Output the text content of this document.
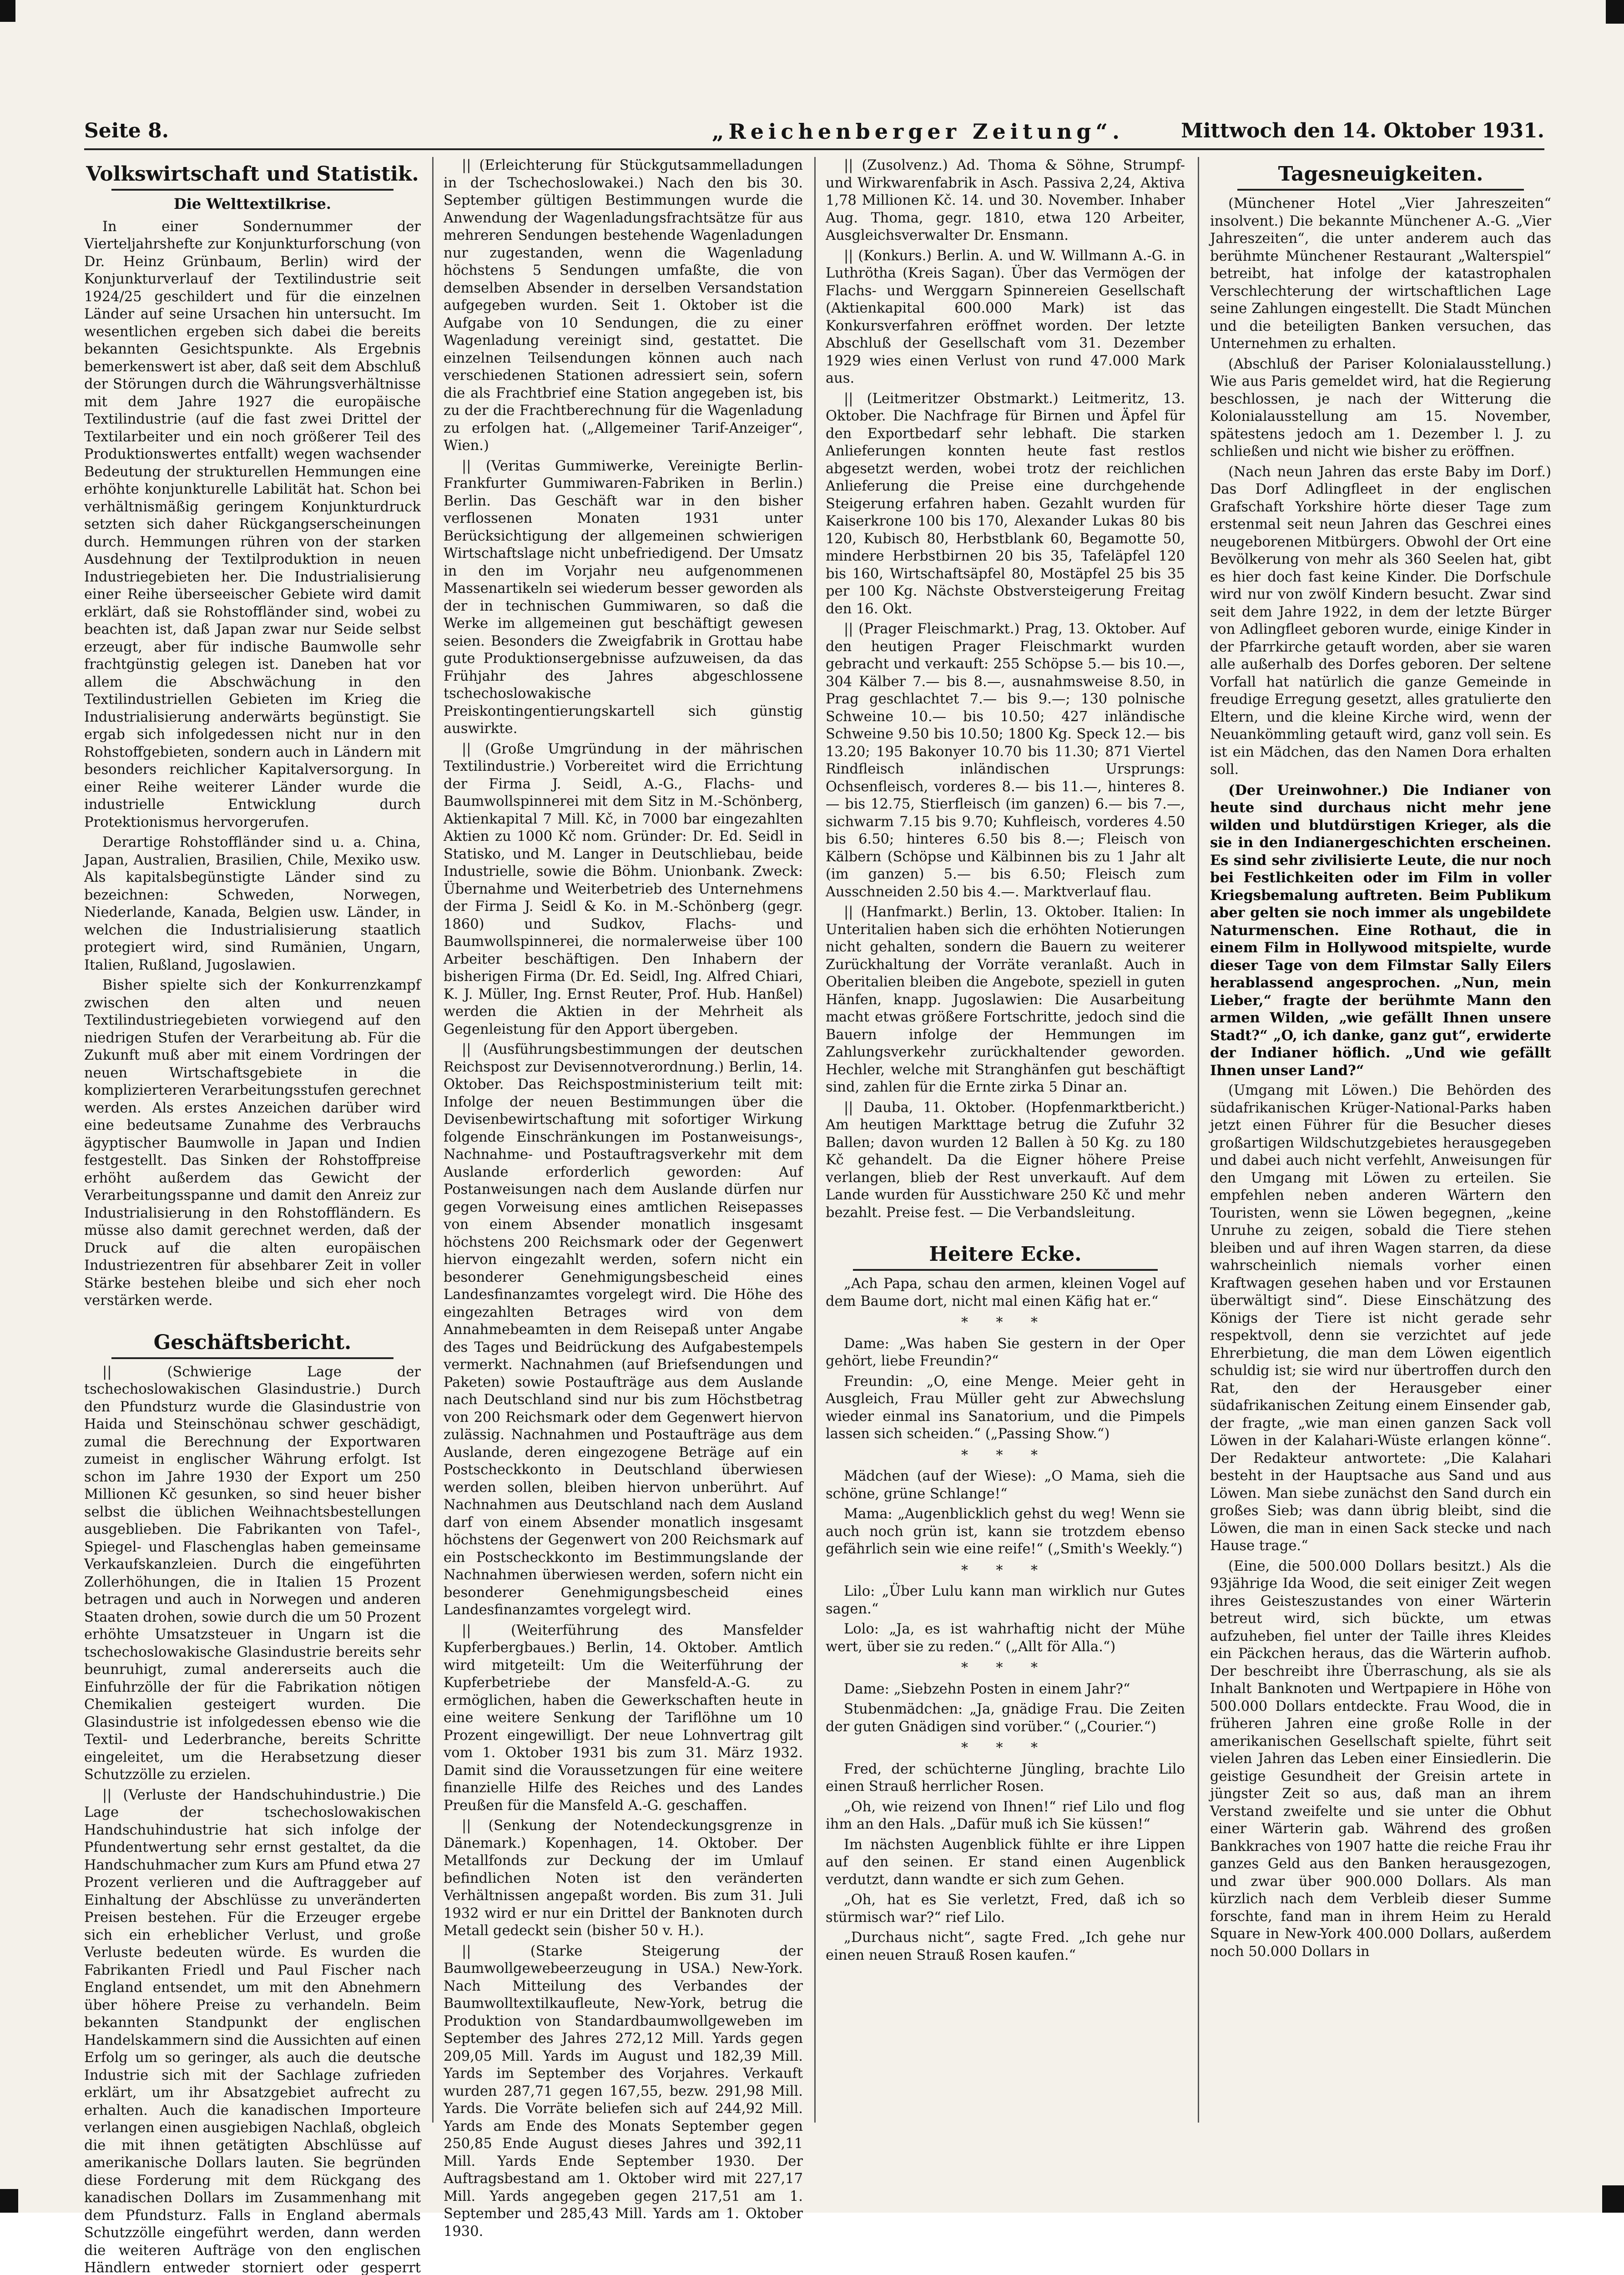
Seite 8.	„Reichenberger Zeitung“.	Mittwoch den 14. Oktober 1931.
Volkswirtschaft und Statistik.
Die Welttextilkrise.

In einer Sondernummer der Vierteljahrshefte zur Konjunkturforschung (von Dr. Heinz Grünbaum, Berlin) wird der Konjunkturverlauf der Textilindustrie seit 1924/25 geschildert und für die einzelnen Länder auf seine Ursachen hin untersucht. Im wesentlichen ergeben sich dabei die bereits bekannten Gesichtspunkte. Als Ergebnis bemerkenswert ist aber, daß seit dem Abschluß der Störungen durch die Währungsverhältnisse mit dem Jahre 1927 die europäische Textilindustrie (auf die fast zwei Drittel der Textilarbeiter und ein noch größerer Teil des Produktionswertes entfallt) wegen wachsender Bedeutung der strukturellen Hemmungen eine erhöhte konjunkturelle Labilität hat. Schon bei verhältnismäßig geringem Konjunkturdruck setzten sich daher Rückgangserscheinungen durch. Hemmungen rühren von der starken Ausdehnung der Textilproduktion in neuen Industriegebieten her. Die Industrialisierung einer Reihe überseeischer Gebiete wird damit erklärt, daß sie Rohstoffländer sind, wobei zu beachten ist, daß Japan zwar nur Seide selbst erzeugt, aber für indische Baumwolle sehr frachtgünstig gelegen ist. Daneben hat vor allem die Abschwächung in den Textilindustriellen Gebieten im Krieg die Industrialisierung anderwärts begünstigt. Sie ergab sich infolgedessen nicht nur in den Rohstoffgebieten, sondern auch in Ländern mit besonders reichlicher Kapitalversorgung. In einer Reihe weiterer Länder wurde die industrielle Entwicklung durch Protektionismus hervorgerufen.

Derartige Rohstoffländer sind u. a. China, Japan, Australien, Brasilien, Chile, Mexiko usw. Als kapitalsbegünstigte Länder sind zu bezeichnen: Schweden, Norwegen, Niederlande, Kanada, Belgien usw. Länder, in welchen die Industrialisierung staatlich protegiert wird, sind Rumänien, Ungarn, Italien, Rußland, Jugoslawien.

Bisher spielte sich der Konkurrenzkampf zwischen den alten und neuen Textilindustriegebieten vorwiegend auf den niedrigen Stufen der Verarbeitung ab. Für die Zukunft muß aber mit einem Vordringen der neuen Wirtschaftsgebiete in die komplizierteren Verarbeitungsstufen gerechnet werden. Als erstes Anzeichen darüber wird eine bedeutsame Zunahme des Verbrauchs ägyptischer Baumwolle in Japan und Indien festgestellt. Das Sinken der Rohstoffpreise erhöht außerdem das Gewicht der Verarbeitungsspanne und damit den Anreiz zur Industrialisierung in den Rohstoffländern. Es müsse also damit gerechnet werden, daß der Druck auf die alten europäischen Industriezentren für absehbarer Zeit in voller Stärke bestehen bleibe und sich eher noch verstärken werde.

Geschäftsbericht.

|| (Schwierige Lage der tschechoslowakischen Glasindustrie.) Durch den Pfundsturz wurde die Glasindustrie von Haida und Steinschönau schwer geschädigt, zumal die Berechnung der Exportwaren zumeist in englischer Währung erfolgt. Ist schon im Jahre 1930 der Export um 250 Millionen Kč gesunken, so sind heuer bisher selbst die üblichen Weihnachtsbestellungen ausgeblieben. Die Fabrikanten von Tafel-, Spiegel- und Flaschenglas haben gemeinsame Verkaufskanzleien. Durch die eingeführten Zollerhöhungen, die in Italien 15 Prozent betragen und auch in Norwegen und anderen Staaten drohen, sowie durch die um 50 Prozent erhöhte Umsatzsteuer in Ungarn ist die tschechoslowakische Glasindustrie bereits sehr beunruhigt, zumal andererseits auch die Einfuhrzölle der für die Fabrikation nötigen Chemikalien gesteigert wurden. Die Glasindustrie ist infolgedessen ebenso wie die Textil- und Lederbranche, bereits Schritte eingeleitet, um die Herabsetzung dieser Schutzzölle zu erzielen.

|| (Verluste der Handschuhindustrie.) Die Lage der tschechoslowakischen Handschuhindustrie hat sich infolge der Pfundentwertung sehr ernst gestaltet, da die Handschuhmacher zum Kurs am Pfund etwa 27 Prozent verlieren und die Auftraggeber auf Einhaltung der Abschlüsse zu unveränderten Preisen bestehen. Für die Erzeuger ergebe sich ein erheblicher Verlust, und große Verluste bedeuten würde. Es wurden die Fabrikanten Friedl und Paul Fischer nach England entsendet, um mit den Abnehmern über höhere Preise zu verhandeln. Beim bekannten Standpunkt der englischen Handelskammern sind die Aussichten auf einen Erfolg um so geringer, als auch die deutsche Industrie sich mit der Sachlage zufrieden erklärt, um ihr Absatzgebiet aufrecht zu erhalten. Auch die kanadischen Importeure verlangen einen ausgiebigen Nachlaß, obgleich die mit ihnen getätigten Abschlüsse auf amerikanische Dollars lauten. Sie begründen diese Forderung mit dem Rückgang des kanadischen Dollars im Zusammenhang mit dem Pfundsturz. Falls in England abermals Schutzzölle eingeführt werden, dann werden die weiteren Aufträge von den englischen Händlern entweder storniert oder gesperrt

|| (Erleichterung für Stückgutsammelladungen in der Tschechoslowakei.) Nach den bis 30. September gültigen Bestimmungen wurde die Anwendung der Wagenladungsfrachtsätze für aus mehreren Sendungen bestehende Wagenladungen nur zugestanden, wenn die Wagenladung höchstens 5 Sendungen umfaßte, die von demselben Absender in derselben Versandstation aufgegeben wurden. Seit 1. Oktober ist die Aufgabe von 10 Sendungen, die zu einer Wagenladung vereinigt sind, gestattet. Die einzelnen Teilsendungen können auch nach verschiedenen Stationen adressiert sein, sofern die als Frachtbrief eine Station angegeben ist, bis zu der die Frachtberechnung für die Wagenladung zu erfolgen hat. („Allgemeiner Tarif-Anzeiger“, Wien.)

|| (Veritas Gummiwerke, Vereinigte Berlin-Frankfurter Gummiwaren-Fabriken in Berlin.) Berlin. Das Geschäft war in den bisher verflossenen Monaten 1931 unter Berücksichtigung der allgemeinen schwierigen Wirtschaftslage nicht unbefriedigend. Der Umsatz in den im Vorjahr neu aufgenommenen Massenartikeln sei wiederum besser geworden als der in technischen Gummiwaren, so daß die Werke im allgemeinen gut beschäftigt gewesen seien. Besonders die Zweigfabrik in Grottau habe gute Produktionsergebnisse aufzuweisen, da das Frühjahr des Jahres abgeschlossene tschechoslowakische Preiskontingentierungskartell sich günstig auswirkte.

|| (Große Umgründung in der mährischen Textilindustrie.) Vorbereitet wird die Errichtung der Firma J. Seidl, A.-G., Flachs- und Baumwollspinnerei mit dem Sitz in M.-Schönberg, Aktienkapital 7 Mill. Kč, in 7000 bar eingezahlten Aktien zu 1000 Kč nom. Gründer: Dr. Ed. Seidl in Statisko, und M. Langer in Deutschliebau, beide Industrielle, sowie die Böhm. Unionbank. Zweck: Übernahme und Weiterbetrieb des Unternehmens der Firma J. Seidl & Ko. in M.-Schönberg (gegr. 1860) und Sudkov, Flachs- und Baumwollspinnerei, die normalerweise über 100 Arbeiter beschäftigen. Den Inhabern der bisherigen Firma (Dr. Ed. Seidl, Ing. Alfred Chiari, K. J. Müller, Ing. Ernst Reuter, Prof. Hub. Hanßel) werden die Aktien in der Mehrheit als Gegenleistung für den Apport übergeben.

|| (Ausführungsbestimmungen der deutschen Reichspost zur Devisennotverordnung.) Berlin, 14. Oktober. Das Reichspostministerium teilt mit: Infolge der neuen Bestimmungen über die Devisenbewirtschaftung mit sofortiger Wirkung folgende Einschränkungen im Postanweisungs-, Nachnahme- und Postauftragsverkehr mit dem Auslande erforderlich geworden: Auf Postanweisungen nach dem Auslande dürfen nur gegen Vorweisung eines amtlichen Reisepasses von einem Absender monatlich insgesamt höchstens 200 Reichsmark oder der Gegenwert hiervon eingezahlt werden, sofern nicht ein besonderer Genehmigungsbescheid eines Landesfinanzamtes vorgelegt wird. Die Höhe des eingezahlten Betrages wird von dem Annahmebeamten in dem Reisepaß unter Angabe des Tages und Beidrückung des Aufgabestempels vermerkt. Nachnahmen (auf Briefsendungen und Paketen) sowie Postaufträge aus dem Auslande nach Deutschland sind nur bis zum Höchstbetrag von 200 Reichsmark oder dem Gegenwert hiervon zulässig. Nachnahmen und Postaufträge aus dem Auslande, deren eingezogene Beträge auf ein Postscheckkonto in Deutschland überwiesen werden sollen, bleiben hiervon unberührt. Auf Nachnahmen aus Deutschland nach dem Ausland darf von einem Absender monatlich insgesamt höchstens der Gegenwert von 200 Reichsmark auf ein Postscheckkonto im Bestimmungslande der Nachnahmen überwiesen werden, sofern nicht ein besonderer Genehmigungsbescheid eines Landesfinanzamtes vorgelegt wird.

|| (Weiterführung des Mansfelder Kupferbergbaues.) Berlin, 14. Oktober. Amtlich wird mitgeteilt: Um die Weiterführung der Kupferbetriebe der Mansfeld-A.-G. zu ermöglichen, haben die Gewerkschaften heute in eine weitere Senkung der Tariflöhne um 10 Prozent eingewilligt. Der neue Lohnvertrag gilt vom 1. Oktober 1931 bis zum 31. März 1932. Damit sind die Voraussetzungen für eine weitere finanzielle Hilfe des Reiches und des Landes Preußen für die Mansfeld A.-G. geschaffen.

|| (Senkung der Notendeckungsgrenze in Dänemark.) Kopenhagen, 14. Oktober. Der Metallfonds zur Deckung der im Umlauf befindlichen Noten ist den veränderten Verhältnissen angepaßt worden. Bis zum 31. Juli 1932 wird er nur ein Drittel der Banknoten durch Metall gedeckt sein (bisher 50 v. H.).

|| (Starke Steigerung der Baumwollgewebeerzeugung in USA.) New-York. Nach Mitteilung des Verbandes der Baumwolltextilkaufleute, New-York, betrug die Produktion von Standardbaumwollgeweben im September des Jahres 272,12 Mill. Yards gegen 209,05 Mill. Yards im August und 182,39 Mill. Yards im September des Vorjahres. Verkauft wurden 287,71 gegen 167,55, bezw. 291,98 Mill. Yards. Die Vorräte beliefen sich auf 244,92 Mill. Yards am Ende des Monats September gegen 250,85 Ende August dieses Jahres und 392,11 Mill. Yards Ende September 1930. Der Auftragsbestand am 1. Oktober wird mit 227,17 Mill. Yards angegeben gegen 217,51 am 1. September und 285,43 Mill. Yards am 1. Oktober 1930.

|| (Zusolvenz.) Ad. Thoma & Söhne, Strumpf- und Wirkwarenfabrik in Asch. Passiva 2,24, Aktiva 1,78 Millionen Kč. 14. und 30. November. Inhaber Aug. Thoma, gegr. 1810, etwa 120 Arbeiter, Ausgleichsverwalter Dr. Ensmann.

|| (Konkurs.) Berlin. A. und W. Willmann A.-G. in Luthrötha (Kreis Sagan). Über das Vermögen der Flachs- und Werggarn Spinnereien Gesellschaft (Aktienkapital 600.000 Mark) ist das Konkursverfahren eröffnet worden. Der letzte Abschluß der Gesellschaft vom 31. Dezember 1929 wies einen Verlust von rund 47.000 Mark aus.

|| (Leitmeritzer Obstmarkt.) Leitmeritz, 13. Oktober. Die Nachfrage für Birnen und Äpfel für den Exportbedarf sehr lebhaft. Die starken Anlieferungen konnten heute fast restlos abgesetzt werden, wobei trotz der reichlichen Anlieferung die Preise eine durchgehende Steigerung erfahren haben. Gezahlt wurden für Kaiserkrone 100 bis 170, Alexander Lukas 80 bis 120, Kubisch 80, Herbstblank 60, Begamotte 50, mindere Herbstbirnen 20 bis 35, Tafeläpfel 120 bis 160, Wirtschaftsäpfel 80, Mostäpfel 25 bis 35 per 100 Kg. Nächste Obstversteigerung Freitag den 16. Okt.

|| (Prager Fleischmarkt.) Prag, 13. Oktober. Auf den heutigen Prager Fleischmarkt wurden gebracht und verkauft: 255 Schöpse 5.— bis 10.—, 304 Kälber 7.— bis 8.—, ausnahmsweise 8.50, in Prag geschlachtet 7.— bis 9.—; 130 polnische Schweine 10.— bis 10.50; 427 inländische Schweine 9.50 bis 10.50; 1800 Kg. Speck 12.— bis 13.20; 195 Bakonyer 10.70 bis 11.30; 871 Viertel Rindfleisch inländischen Ursprungs: Ochsenfleisch, vorderes 8.— bis 11.—, hinteres 8.— bis 12.75, Stierfleisch (im ganzen) 6.— bis 7.—, sichwarm 7.15 bis 9.70; Kuhfleisch, vorderes 4.50 bis 6.50; hinteres 6.50 bis 8.—; Fleisch von Kälbern (Schöpse und Kälbinnen bis zu 1 Jahr alt (im ganzen) 5.— bis 6.50; Fleisch zum Ausschneiden 2.50 bis 4.—. Marktverlauf flau.

|| (Hanfmarkt.) Berlin, 13. Oktober. Italien: In Unteritalien haben sich die erhöhten Notierungen nicht gehalten, sondern die Bauern zu weiterer Zurückhaltung der Vorräte veranlaßt. Auch in Oberitalien bleiben die Angebote, speziell in guten Hänfen, knapp. Jugoslawien: Die Ausarbeitung macht etwas größere Fortschritte, jedoch sind die Bauern infolge der Hemmungen im Zahlungsverkehr zurückhaltender geworden. Hechler, welche mit Stranghänfen gut beschäftigt sind, zahlen für die Ernte zirka 5 Dinar an.

|| Dauba, 11. Oktober. (Hopfenmarktbericht.) Am heutigen Markttage betrug die Zufuhr 32 Ballen; davon wurden 12 Ballen à 50 Kg. zu 180 Kč gehandelt. Da die Eigner höhere Preise verlangen, blieb der Rest unverkauft. Auf dem Lande wurden für Ausstichware 250 Kč und mehr bezahlt. Preise fest. — Die Verbandsleitung.

Heitere Ecke.

„Ach Papa, schau den armen, kleinen Vogel auf dem Baume dort, nicht mal einen Käfig hat er.“

* * *

Dame: „Was haben Sie gestern in der Oper gehört, liebe Freundin?“

Freundin: „O, eine Menge. Meier geht in Ausgleich, Frau Müller geht zur Abwechslung wieder einmal ins Sanatorium, und die Pimpels lassen sich scheiden.“ („Passing Show.“)

* * *

Mädchen (auf der Wiese): „O Mama, sieh die schöne, grüne Schlange!“

Mama: „Augenblicklich gehst du weg! Wenn sie auch noch grün ist, kann sie trotzdem ebenso gefährlich sein wie eine reife!“ („Smith's Weekly.“)

* * *

Lilo: „Über Lulu kann man wirklich nur Gutes sagen.“

Lolo: „Ja, es ist wahrhaftig nicht der Mühe wert, über sie zu reden.“ („Allt för Alla.“)

* * *

Dame: „Siebzehn Posten in einem Jahr?“

Stubenmädchen: „Ja, gnädige Frau. Die Zeiten der guten Gnädigen sind vorüber.“ („Courier.“)

* * *

Fred, der schüchterne Jüngling, brachte Lilo einen Strauß herrlicher Rosen.

„Oh, wie reizend von Ihnen!“ rief Lilo und flog ihm an den Hals. „Dafür muß ich Sie küssen!“

Im nächsten Augenblick fühlte er ihre Lippen auf den seinen. Er stand einen Augenblick verdutzt, dann wandte er sich zum Gehen.

„Oh, hat es Sie verletzt, Fred, daß ich so stürmisch war?“ rief Lilo.

„Durchaus nicht“, sagte Fred. „Ich gehe nur einen neuen Strauß Rosen kaufen.“

Tagesneuigkeiten.

(Münchener Hotel „Vier Jahreszeiten“ insolvent.) Die bekannte Münchener A.-G. „Vier Jahreszeiten“, die unter anderem auch das berühmte Münchener Restaurant „Walterspiel“ betreibt, hat infolge der katastrophalen Verschlechterung der wirtschaftlichen Lage seine Zahlungen eingestellt. Die Stadt München und die beteiligten Banken versuchen, das Unternehmen zu erhalten.

(Abschluß der Pariser Kolonialausstellung.) Wie aus Paris gemeldet wird, hat die Regierung beschlossen, je nach der Witterung die Kolonialausstellung am 15. November, spätestens jedoch am 1. Dezember l. J. zu schließen und nicht wie bisher zu eröffnen.

(Nach neun Jahren das erste Baby im Dorf.) Das Dorf Adlingfleet in der englischen Grafschaft Yorkshire hörte dieser Tage zum erstenmal seit neun Jahren das Geschrei eines neugeborenen Mitbürgers. Obwohl der Ort eine Bevölkerung von mehr als 360 Seelen hat, gibt es hier doch fast keine Kinder. Die Dorfschule wird nur von zwölf Kindern besucht. Zwar sind seit dem Jahre 1922, in dem der letzte Bürger von Adlingfleet geboren wurde, einige Kinder in der Pfarrkirche getauft worden, aber sie waren alle außerhalb des Dorfes geboren. Der seltene Vorfall hat natürlich die ganze Gemeinde in freudige Erregung gesetzt, alles gratulierte den Eltern, und die kleine Kirche wird, wenn der Neuankömmling getauft wird, ganz voll sein. Es ist ein Mädchen, das den Namen Dora erhalten soll.

(Der Ureinwohner.) Die Indianer von heute sind durchaus nicht mehr jene wilden und blutdürstigen Krieger, als die sie in den Indianergeschichten erscheinen. Es sind sehr zivilisierte Leute, die nur noch bei Festlichkeiten oder im Film in voller Kriegsbemalung auftreten. Beim Publikum aber gelten sie noch immer als ungebildete Naturmenschen. Eine Rothaut, die in einem Film in Hollywood mitspielte, wurde dieser Tage von dem Filmstar Sally Eilers herablassend angesprochen. „Nun, mein Lieber,“ fragte der berühmte Mann den armen Wilden, „wie gefällt Ihnen unsere Stadt?“ „O, ich danke, ganz gut“, erwiderte der Indianer höflich. „Und wie gefällt Ihnen unser Land?“

(Umgang mit Löwen.) Die Behörden des südafrikanischen Krüger-National-Parks haben jetzt einen Führer für die Besucher dieses großartigen Wildschutzgebietes herausgegeben und dabei auch nicht verfehlt, Anweisungen für den Umgang mit Löwen zu erteilen. Sie empfehlen neben anderen Wärtern den Touristen, wenn sie Löwen begegnen, „keine Unruhe zu zeigen, sobald die Tiere stehen bleiben und auf ihren Wagen starren, da diese wahrscheinlich niemals vorher einen Kraftwagen gesehen haben und vor Erstaunen überwältigt sind“. Diese Einschätzung des Königs der Tiere ist nicht gerade sehr respektvoll, denn sie verzichtet auf jede Ehrerbietung, die man dem Löwen eigentlich schuldig ist; sie wird nur übertroffen durch den Rat, den der Herausgeber einer südafrikanischen Zeitung einem Einsender gab, der fragte, „wie man einen ganzen Sack voll Löwen in der Kalahari-Wüste erlangen könne“. Der Redakteur antwortete: „Die Kalahari besteht in der Hauptsache aus Sand und aus Löwen. Man siebe zunächst den Sand durch ein großes Sieb; was dann übrig bleibt, sind die Löwen, die man in einen Sack stecke und nach Hause trage.“

(Eine, die 500.000 Dollars besitzt.) Als die 93jährige Ida Wood, die seit einiger Zeit wegen ihres Geisteszustandes von einer Wärterin betreut wird, sich bückte, um etwas aufzuheben, fiel unter der Taille ihres Kleides ein Päckchen heraus, das die Wärterin aufhob. Der beschreibt ihre Überraschung, als sie als Inhalt Banknoten und Wertpapiere in Höhe von 500.000 Dollars entdeckte. Frau Wood, die in früheren Jahren eine große Rolle in der amerikanischen Gesellschaft spielte, führt seit vielen Jahren das Leben einer Einsiedlerin. Die geistige Gesundheit der Greisin artete in jüngster Zeit so aus, daß man an ihrem Verstand zweifelte und sie unter die Obhut einer Wärterin gab. Während des großen Bankkraches von 1907 hatte die reiche Frau ihr ganzes Geld aus den Banken herausgezogen, und zwar über 900.000 Dollars. Als man kürzlich nach dem Verbleib dieser Summe forschte, fand man in ihrem Heim zu Herald Square in New-York 400.000 Dollars, außerdem noch 50.000 Dollars in
